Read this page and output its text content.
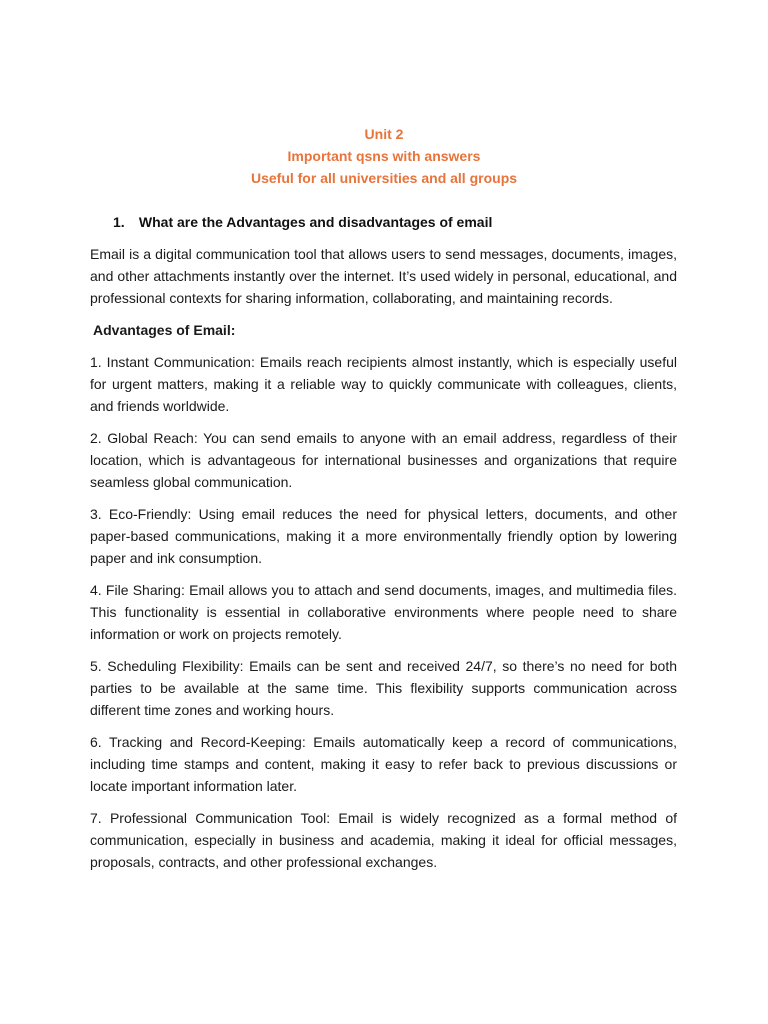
Unit 2
Important qsns with answers
Useful for all universities and all groups
1. What are the Advantages and disadvantages of email

Email is a digital communication tool that allows users to send messages, documents, images, and other attachments instantly over the internet. It’s used widely in personal, educational, and professional contexts for sharing information, collaborating, and maintaining records.

Advantages of Email:

1. Instant Communication: Emails reach recipients almost instantly, which is especially useful for urgent matters, making it a reliable way to quickly communicate with colleagues, clients, and friends worldwide.

2. Global Reach: You can send emails to anyone with an email address, regardless of their location, which is advantageous for international businesses and organizations that require seamless global communication.

3. Eco-Friendly: Using email reduces the need for physical letters, documents, and other paper-based communications, making it a more environmentally friendly option by lowering paper and ink consumption.

4. File Sharing: Email allows you to attach and send documents, images, and multimedia files. This functionality is essential in collaborative environments where people need to share information or work on projects remotely.

5. Scheduling Flexibility: Emails can be sent and received 24/7, so there’s no need for both parties to be available at the same time. This flexibility supports communication across different time zones and working hours.

6. Tracking and Record-Keeping: Emails automatically keep a record of communications, including time stamps and content, making it easy to refer back to previous discussions or locate important information later.

7. Professional Communication Tool: Email is widely recognized as a formal method of communication, especially in business and academia, making it ideal for official messages, proposals, contracts, and other professional exchanges.
